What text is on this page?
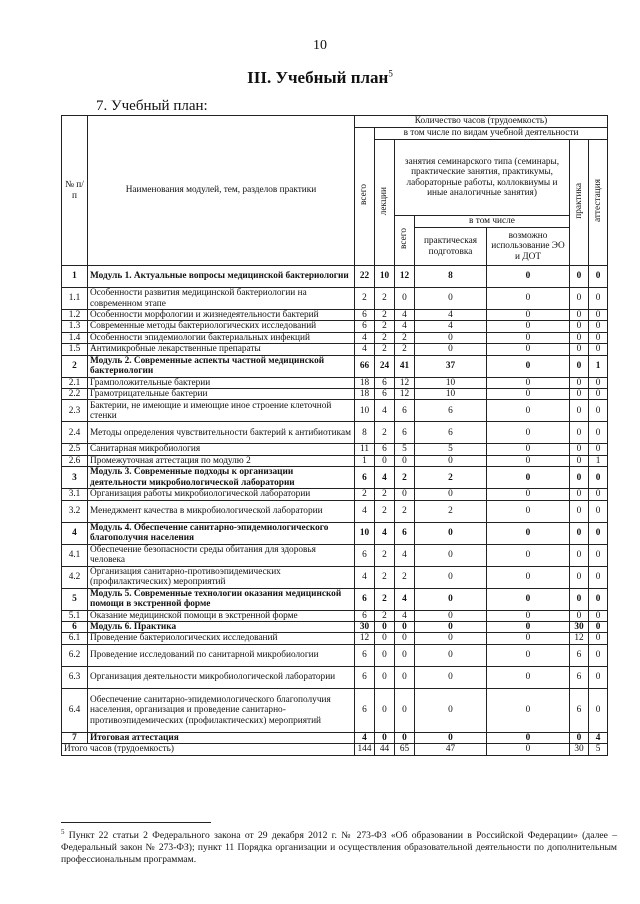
10
III. Учебный план$^5$
7. Учебный план:
№ п/п	Наименования модулей, тем, разделов практики	Количество часов (трудоемкость)						
		всего	в том числе по видам учебной деятельности					
			лекции	занятия семинарского типа (семинары, практические занятия, практикумы, лабораторные работы, коллоквиумы и иные аналогичные занятия)			практика	аттестация
				всего	в том числе			
					практическая подготовка	возможно использование ЭО и ДОТ		
1	Модуль 1. Актуальные вопросы медицинской бактериологии	22	10	12	8	0	0	0
1.1	Особенности развития медицинской бактериологии на современном этапе	2	2	0	0	0	0	0
1.2	Особенности морфологии и жизнедеятельности бактерий	6	2	4	4	0	0	0
1.3	Современные методы бактериологических исследований	6	2	4	4	0	0	0
1.4	Особенности эпидемиологии бактериальных инфекций	4	2	2	0	0	0	0
1.5	Антимикробные лекарственные препараты	4	2	2	0	0	0	0
2	Модуль 2. Современные аспекты частной медицинской бактериологии	66	24	41	37	0	0	1
2.1	Грамположительные бактерии	18	6	12	10	0	0	0
2.2	Грамотрицательные бактерии	18	6	12	10	0	0	0
2.3	Бактерии, не имеющие и имеющие иное строение клеточной стенки	10	4	6	6	0	0	0
2.4	Методы определения чувствительности бактерий к антибиотикам	8	2	6	6	0	0	0
2.5	Санитарная микробиология	11	6	5	5	0	0	0
2.6	Промежуточная аттестация по модулю 2	1	0	0	0	0	0	1
3	Модуль 3. Современные подходы к организации деятельности микробиологической лаборатории	6	4	2	2	0	0	0
3.1	Организация работы микробиологической лаборатории	2	2	0	0	0	0	0
3.2	Менеджмент качества в микробиологической лаборатории	4	2	2	2	0	0	0
4	Модуль 4. Обеспечение санитарно-эпидемиологического благополучия населения	10	4	6	0	0	0	0
4.1	Обеспечение безопасности среды обитания для здоровья человека	6	2	4	0	0	0	0
4.2	Организация санитарно-противоэпидемических (профилактических) мероприятий	4	2	2	0	0	0	0
5	Модуль 5. Современные технологии оказания медицинской помощи в экстренной форме	6	2	4	0	0	0	0
5.1	Оказание медицинской помощи в экстренной форме	6	2	4	0	0	0	0
6	Модуль 6. Практика	30	0	0	0	0	30	0
6.1	Проведение бактериологических исследований	12	0	0	0	0	12	0
6.2	Проведение исследований по санитарной микробиологии	6	0	0	0	0	6	0
6.3	Организация деятельности микробиологической лаборатории	6	0	0	0	0	6	0
6.4	Обеспечение санитарно-эпидемиологического благополучия населения, организация и проведение санитарно-противоэпидемических (профилактических) мероприятий	6	0	0	0	0	6	0
7	Итоговая аттестация	4	0	0	0	0	0	4
Итого часов (трудоемкость)		144	44	65	47	0	30	5
$^5$ Пункт 22 статьи 2 Федерального закона от 29 декабря 2012 г. № 273-ФЗ «Об образовании в Российской Федерации» (далее – Федеральный закон № 273-ФЗ); пункт 11 Порядка организации и осуществления образовательной деятельности по дополнительным профессиональным программам.
